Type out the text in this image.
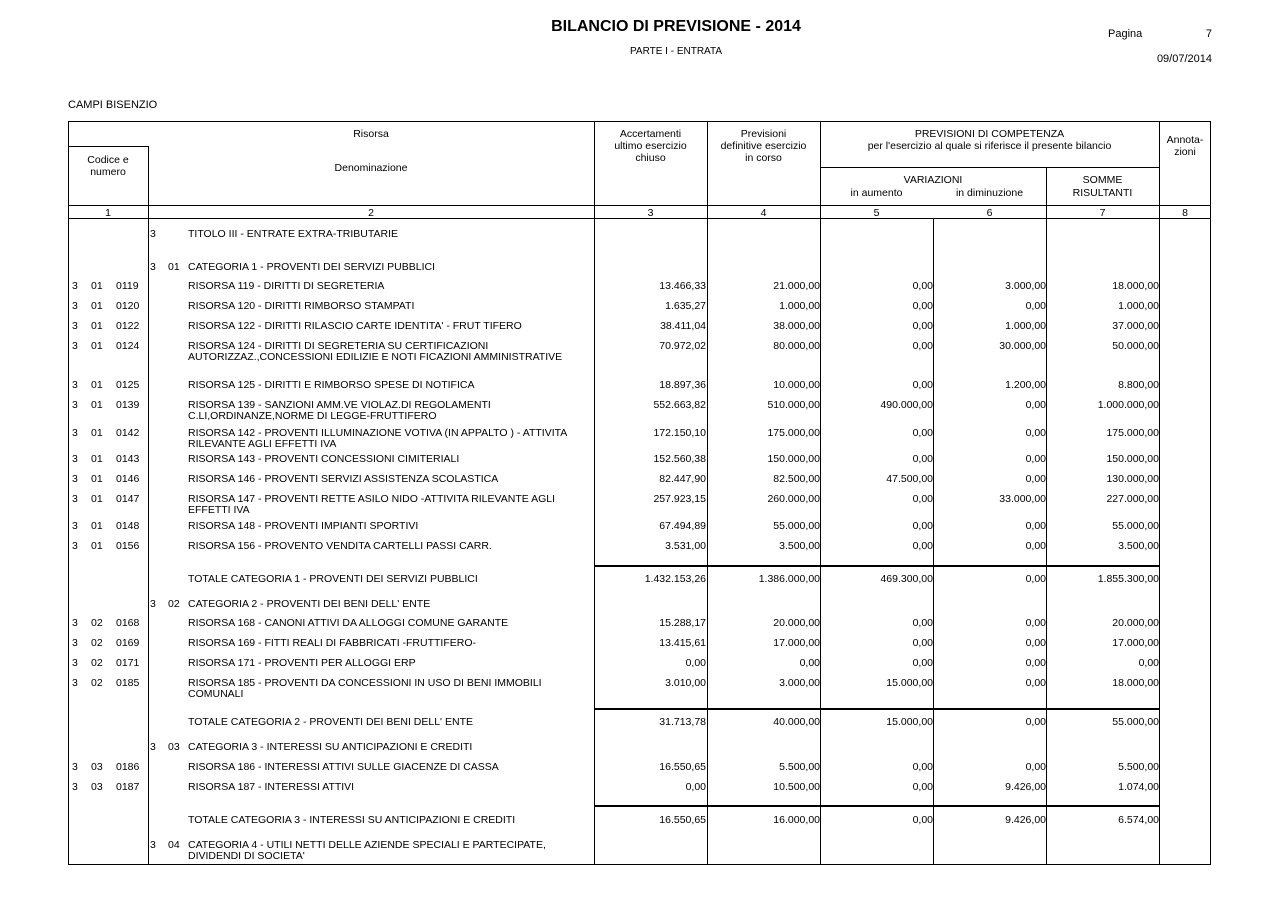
BILANCIO DI PREVISIONE - 2014
PARTE I - ENTRATA
Pagina	7
09/07/2014
CAMPI BISENZIO
Risorsa
Codice e
numero	Denominazione
Accertamenti
ultimo esercizio
chiuso
Previsioni
definitive esercizio
in corso
PREVISIONI DI COMPETENZA
per l'esercizio al quale si riferisce il presente bilancio	Annota-
zioni
VARIAZIONI
in aumento	in diminuzione
SOMME
RISULTANTI
1	2	3	4	5	6	7	8
3	TITOLO III - ENTRATE EXTRA-TRIBUTARIE
3 01 CATEGORIA 1 - PROVENTI DEI SERVIZI PUBBLICI
3 01 0119	RISORSA 119 - DIRITTI DI SEGRETERIA	13.466,33	21.000,00	0,00	3.000,00	18.000,00
3 01 0120	RISORSA 120 - DIRITTI RIMBORSO STAMPATI	1.635,27	1.000,00	0,00	0,00	1.000,00
3 01 0122	RISORSA 122 - DIRITTI RILASCIO CARTE IDENTITA' - FRUT TIFERO	38.411,04	38.000,00	0,00	1.000,00	37.000,00
3 01 0124	RISORSA 124 - DIRITTI DI SEGRETERIA SU CERTIFICAZIONI AUTORIZZAZ.,CONCESSIONI EDILIZIE E NOTI FICAZIONI AMMINISTRATIVE
70.972,02	80.000,00	0,00	30.000,00	50.000,00
3 01 0125	RISORSA 125 - DIRITTI E RIMBORSO SPESE DI NOTIFICA	18.897,36	10.000,00	0,00	1.200,00	8.800,00
3 01 0139	RISORSA 139 - SANZIONI AMM.VE VIOLAZ.DI REGOLAMENTI C.LI,ORDINANZE,NORME DI LEGGE-FRUTTIFERO
552.663,82	510.000,00	490.000,00	0,00	1.000.000,00
3 01 0142	RISORSA 142 - PROVENTI ILLUMINAZIONE VOTIVA (IN APPALTO ) - ATTIVITA RILEVANTE AGLI EFFETTI IVA
172.150,10	175.000,00	0,00	0,00	175.000,00
3 01 0143	RISORSA 143 - PROVENTI CONCESSIONI CIMITERIALI	152.560,38	150.000,00	0,00	0,00	150.000,00
3 01 0146	RISORSA 146 - PROVENTI SERVIZI ASSISTENZA SCOLASTICA	82.447,90	82.500,00	47.500,00	0,00	130.000,00
3 01 0147	RISORSA 147 - PROVENTI RETTE ASILO NIDO -ATTIVITA RILEVANTE AGLI EFFETTI IVA
257.923,15	260.000,00	0,00	33.000,00	227.000,00
3 01 0148	RISORSA 148 - PROVENTI IMPIANTI SPORTIVI	67.494,89	55.000,00	0,00	0,00	55.000,00
3 01 0156	RISORSA 156 - PROVENTO VENDITA CARTELLI PASSI CARR.	3.531,00	3.500,00	0,00	0,00	3.500,00
TOTALE CATEGORIA 1 - PROVENTI DEI SERVIZI PUBBLICI	1.432.153,26	1.386.000,00	469.300,00	0,00	1.855.300,00
3 02 CATEGORIA 2 - PROVENTI DEI BENI DELL' ENTE
3 02 0168	RISORSA 168 - CANONI ATTIVI DA ALLOGGI COMUNE GARANTE	15.288,17	20.000,00	0,00	0,00	20.000,00
3 02 0169	RISORSA 169 - FITTI REALI DI FABBRICATI -FRUTTIFERO-	13.415,61	17.000,00	0,00	0,00	17.000,00
3 02 0171	RISORSA 171 - PROVENTI PER ALLOGGI ERP	0,00	0,00	0,00	0,00	0,00
3 02 0185	RISORSA 185 - PROVENTI DA CONCESSIONI IN USO DI BENI IMMOBILI COMUNALI
3.010,00	3.000,00	15.000,00	0,00	18.000,00
TOTALE CATEGORIA 2 - PROVENTI DEI BENI DELL' ENTE	31.713,78	40.000,00	15.000,00	0,00	55.000,00
3 03 CATEGORIA 3 - INTERESSI SU ANTICIPAZIONI E CREDITI
3 03 0186	RISORSA 186 - INTERESSI ATTIVI SULLE GIACENZE DI CASSA	16.550,65	5.500,00	0,00	0,00	5.500,00
3 03 0187	RISORSA 187 - INTERESSI ATTIVI	0,00	10.500,00	0,00	9.426,00	1.074,00
TOTALE CATEGORIA 3 - INTERESSI SU ANTICIPAZIONI E CREDITI	16.550,65	16.000,00	0,00	9.426,00	6.574,00
3 04 CATEGORIA 4 - UTILI NETTI DELLE AZIENDE SPECIALI E PARTECIPATE, DIVIDENDI DI SOCIETA'
